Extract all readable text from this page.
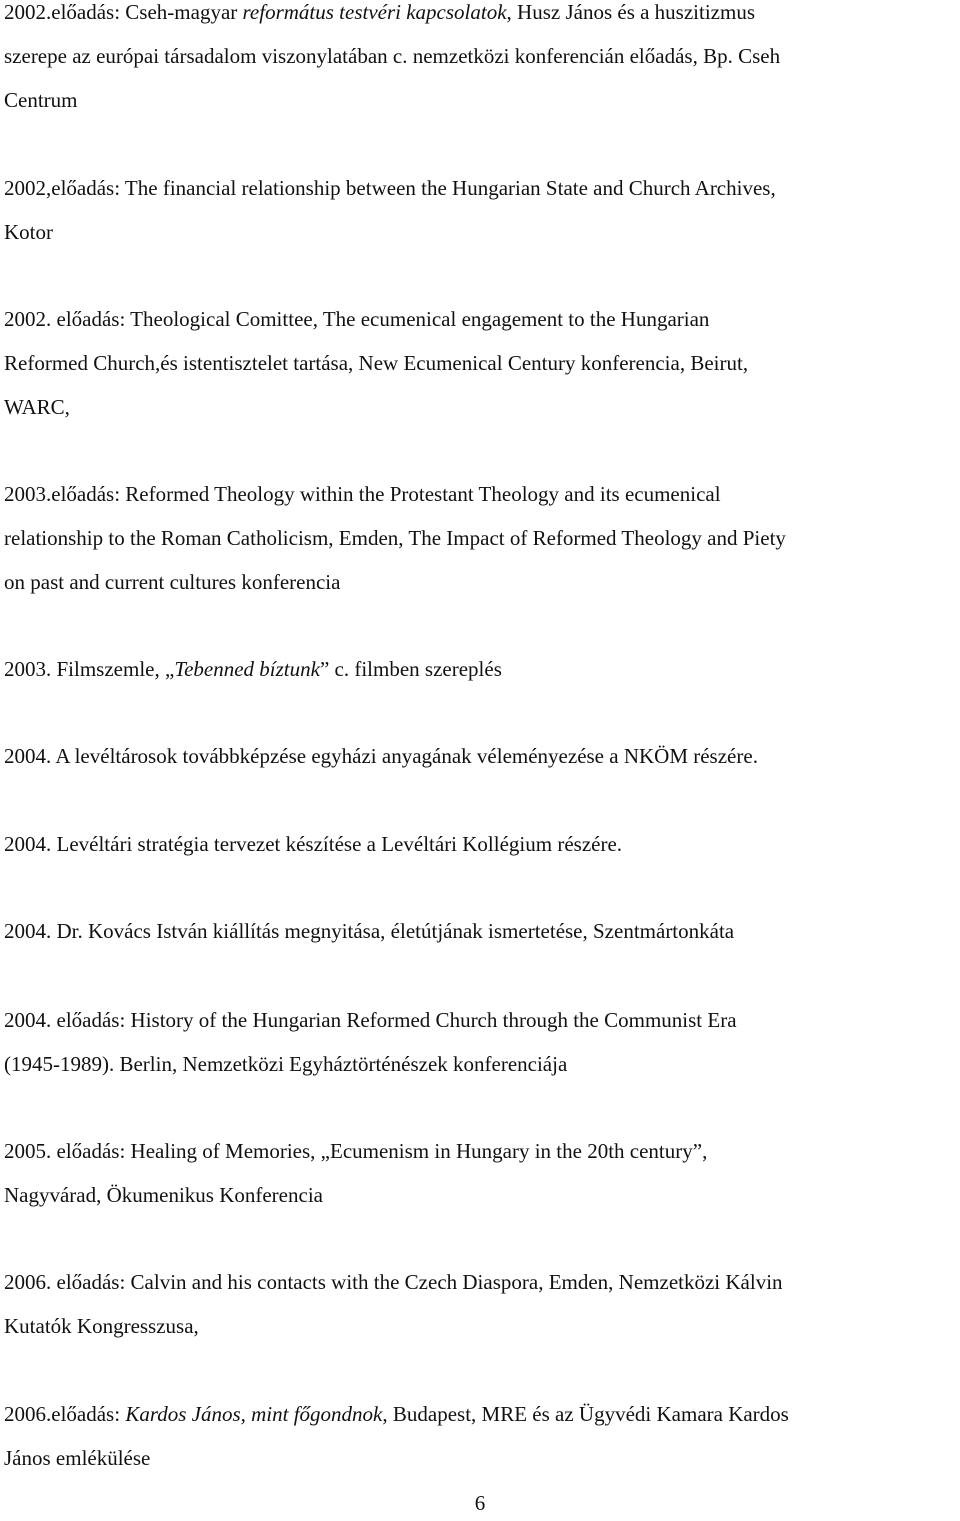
2002.előadás: Cseh-magyar református testvéri kapcsolatok, Husz János és a huszitizmus
szerepe az európai társadalom viszonylatában c. nemzetközi konferencián előadás, Bp. Cseh
Centrum
2002,előadás: The financial relationship between the Hungarian State and Church Archives,
Kotor
2002. előadás: Theological Comittee, The ecumenical engagement to the Hungarian
Reformed Church,és istentisztelet tartása, New Ecumenical Century konferencia, Beirut,
WARC,
2003.előadás: Reformed Theology within the Protestant Theology and its ecumenical
relationship to the Roman Catholicism, Emden, The Impact of Reformed Theology and Piety
on past and current cultures konferencia
2003. Filmszemle, „Tebenned bíztunk” c. filmben szereplés
2004. A levéltárosok továbbképzése egyházi anyagának véleményezése a NKÖM részére.
2004. Levéltári stratégia tervezet készítése a Levéltári Kollégium részére.
2004. Dr. Kovács István kiállítás megnyitása, életútjának ismertetése, Szentmártonkáta
2004. előadás: History of the Hungarian Reformed Church through the Communist Era
(1945-1989). Berlin, Nemzetközi Egyháztörténészek konferenciája
2005. előadás: Healing of Memories, „Ecumenism in Hungary in the 20th century”,
Nagyvárad, Ökumenikus Konferencia
2006. előadás: Calvin and his contacts with the Czech Diaspora, Emden, Nemzetközi Kálvin
Kutatók Kongresszusa,
2006.előadás: Kardos János, mint főgondnok, Budapest, MRE és az Ügyvédi Kamara Kardos
János emlékülése
6
